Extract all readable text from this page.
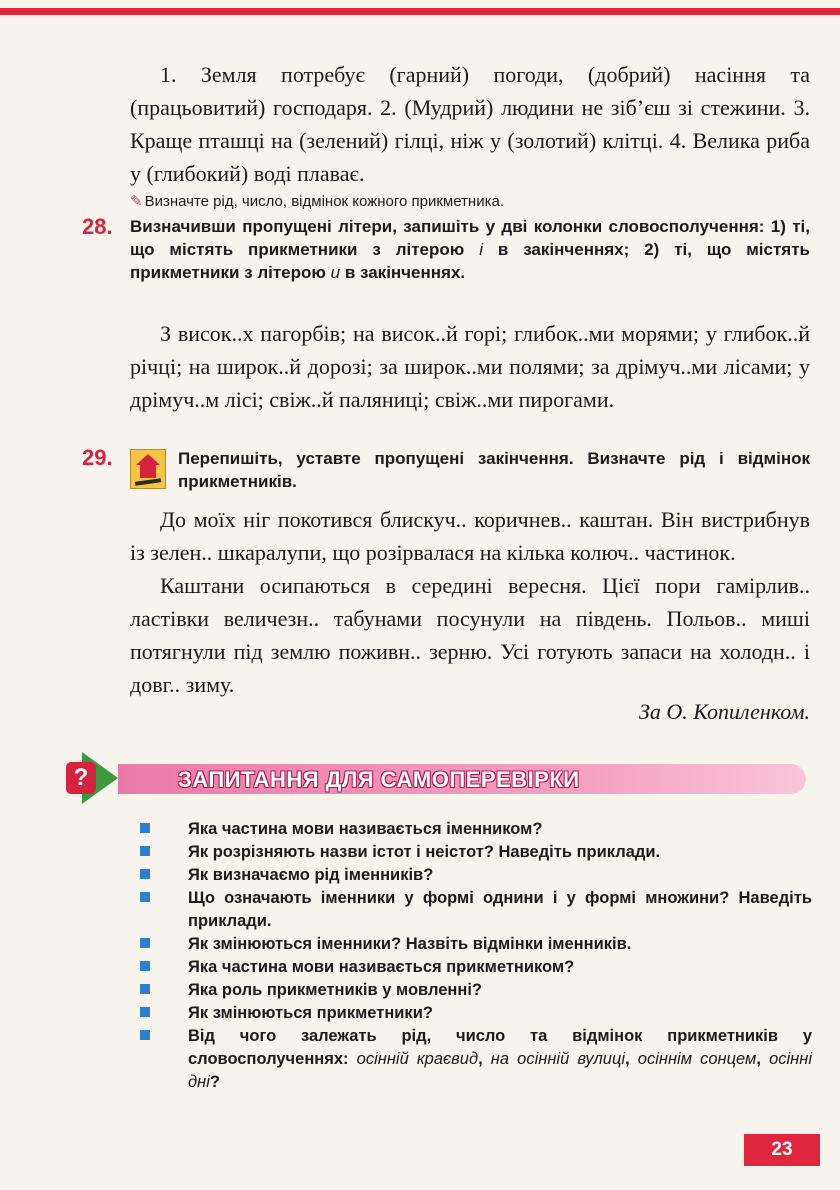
1. Земля потребує (гарний) погоди, (добрий) насіння та (працьовитий) господаря. 2. (Мудрий) людини не зіб’єш зі стежини. 3. Краще пташці на (зелений) гілці, ніж у (золотий) клітці. 4. Велика риба у (глибокий) воді плаває.

✎ Визначте рід, число, відмінок кожного прикметника.
28. Визначивши пропущені літери, запишіть у дві колонки словосполучення: 1) ті, що містять прикметники з літерою і в закінченнях; 2) ті, що містять прикметники з літерою и в закінченнях.

З висок..х пагорбів; на висок..й горі; глибок..ми морями; у глибок..й річці; на широк..й дорозі; за широк..ми полями; за дрімуч..ми лісами; у дрімуч..м лісі; свіж..й паляниці; свіж..ми пирогами.

29.	Перепишіть, уставте пропущені закінчення. Визначте рід і відмінок прикметників.

До моїх ніг покотився блискуч.. коричнев.. каштан. Він вистрибнув із зелен.. шкаралупи, що розірвалася на кілька колюч.. частинок.

Каштани осипаються в середині вересня. Цієї пори гамірлив.. ластівки величезн.. табунами посунули на південь. Польов.. миші потягнули під землю поживн.. зерню. Усі готують запаси на холодн.. і довг.. зиму.

За О. Копиленком.
?	ЗАПИТАННЯ ДЛЯ САМОПЕРЕВІРКИ
Яка частина мови називається іменником?
Як розрізняють назви істот і неістот? Наведіть приклади.
Як визначаємо рід іменників?
Що означають іменники у формі однини і у формі множини? Наведіть приклади.
Як змінюються іменники? Назвіть відмінки іменників.
Яка частина мови називається прикметником?
Яка роль прикметників у мовленні?
Як змінюються прикметники?
Від чого залежать рід, число та відмінок прикметників у словосполученнях: осінній краєвид, на осінній вулиці, осіннім сонцем, осінні дні?
23
